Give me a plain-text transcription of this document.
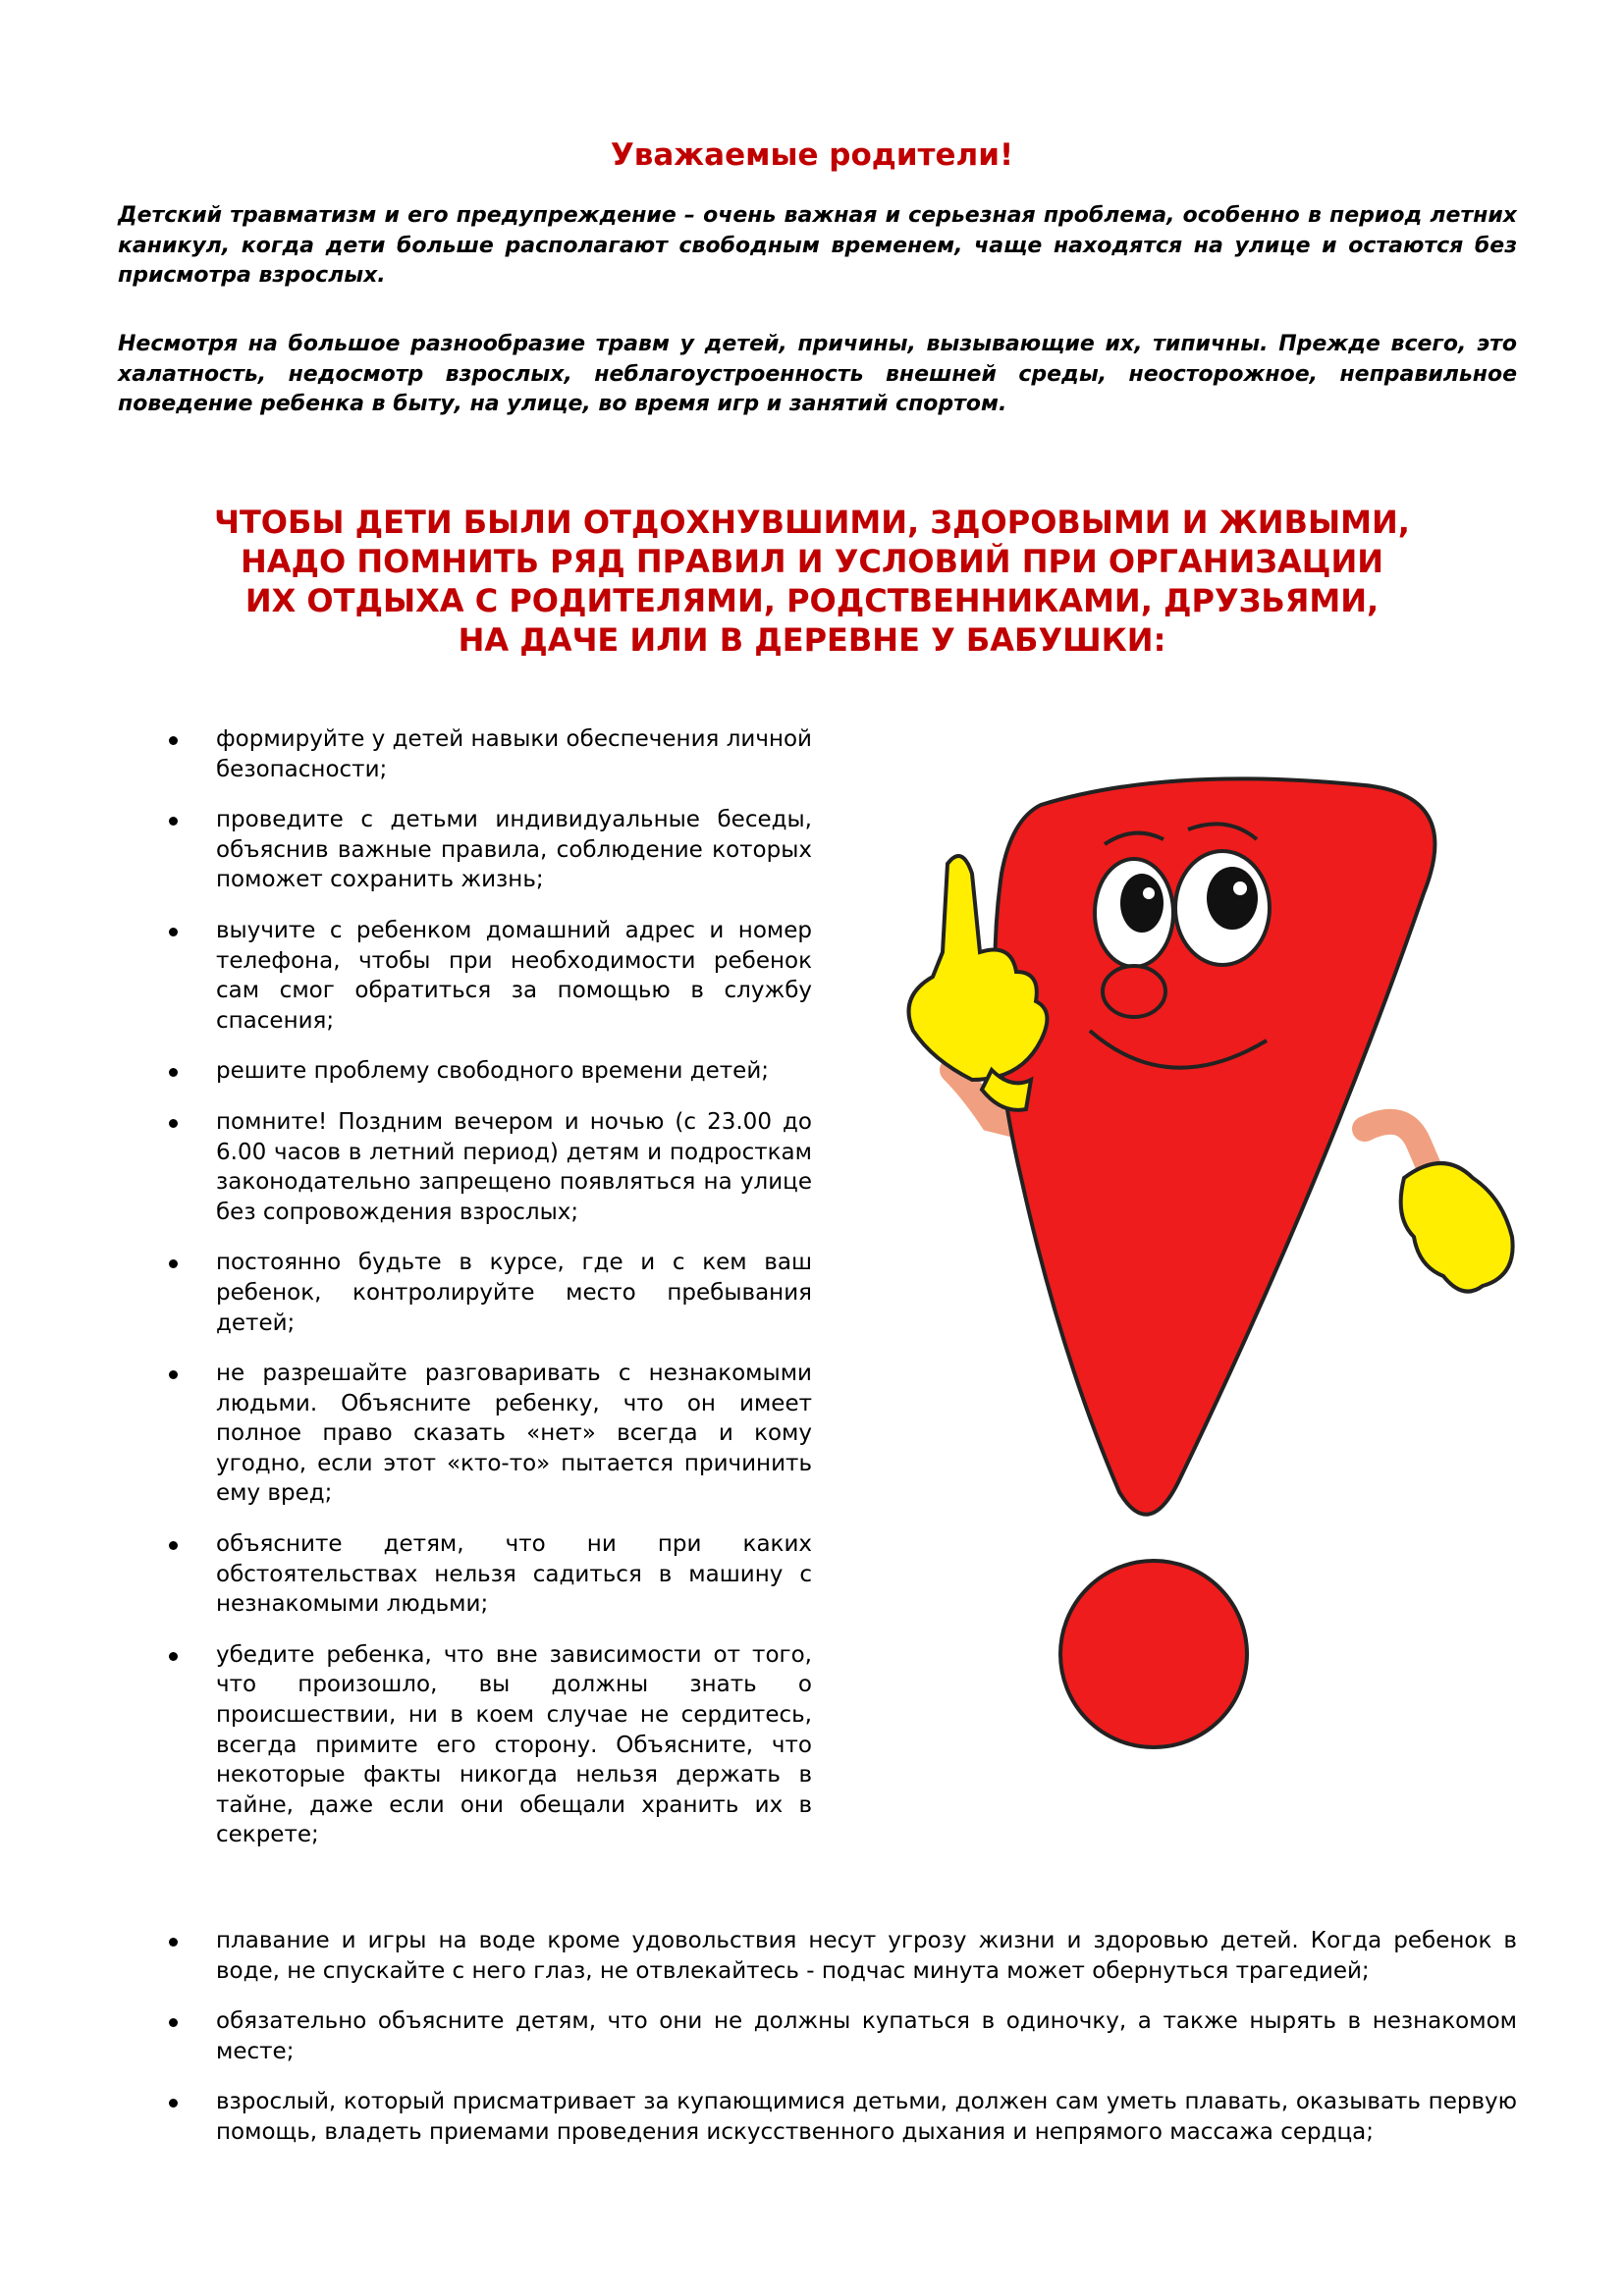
Уважаемые родители!

Детский травматизм и его предупреждение – очень важная и серьезная проблема, особенно в период летних каникул, когда дети больше располагают свободным временем, чаще находятся на улице и остаются без присмотра взрослых.

Несмотря на большое разнообразие травм у детей, причины, вызывающие их, типичны. Прежде всего, это халатность, недосмотр взрослых, неблагоустроенность внешней среды, неосторожное, неправильное поведение ребенка в быту, на улице, во время игр и занятий спортом.

ЧТОБЫ ДЕТИ БЫЛИ ОТДОХНУВШИМИ, ЗДОРОВЫМИ И ЖИВЫМИ,
НАДО ПОМНИТЬ РЯД ПРАВИЛ И УСЛОВИЙ ПРИ ОРГАНИЗАЦИИ
ИХ ОТДЫХА С РОДИТЕЛЯМИ, РОДСТВЕННИКАМИ, ДРУЗЬЯМИ,
НА ДАЧЕ ИЛИ В ДЕРЕВНЕ У БАБУШКИ:
формируйте у детей навыки обеспечения личной безопасности;
проведите с детьми индивидуальные беседы, объяснив важные правила, соблюдение которых поможет сохранить жизнь;
выучите с ребенком домашний адрес и номер телефона, чтобы при необходимости ребенок сам смог обратиться за помощью в службу спасения;
решите проблему свободного времени детей;
помните! Поздним вечером и ночью (с 23.00 до 6.00 часов в летний период) детям и подросткам законодательно запрещено появляться на улице без сопровождения взрослых;
постоянно будьте в курсе, где и с кем ваш ребенок, контролируйте место пребывания детей;
не разрешайте разговаривать с незнакомыми людьми. Объясните ребенку, что он имеет полное право сказать «нет» всегда и кому угодно, если этот «кто-то» пытается причинить ему вред;
объясните детям, что ни при каких обстоятельствах нельзя садиться в машину с незнакомыми людьми;
убедите ребенка, что вне зависимости от того, что произошло, вы должны знать о происшествии, ни в коем случае не сердитесь, всегда примите его сторону. Объясните, что некоторые факты никогда нельзя держать в тайне, даже если они обещали хранить их в секрете;
плавание и игры на воде кроме удовольствия несут угрозу жизни и здоровью детей. Когда ребенок в воде, не спускайте с него глаз, не отвлекайтесь - подчас минута может обернуться трагедией;
обязательно объясните детям, что они не должны купаться в одиночку, а также нырять в незнакомом месте;
взрослый, который присматривает за купающимися детьми, должен сам уметь плавать, оказывать первую помощь, владеть приемами проведения искусственного дыхания и непрямого массажа сердца;
